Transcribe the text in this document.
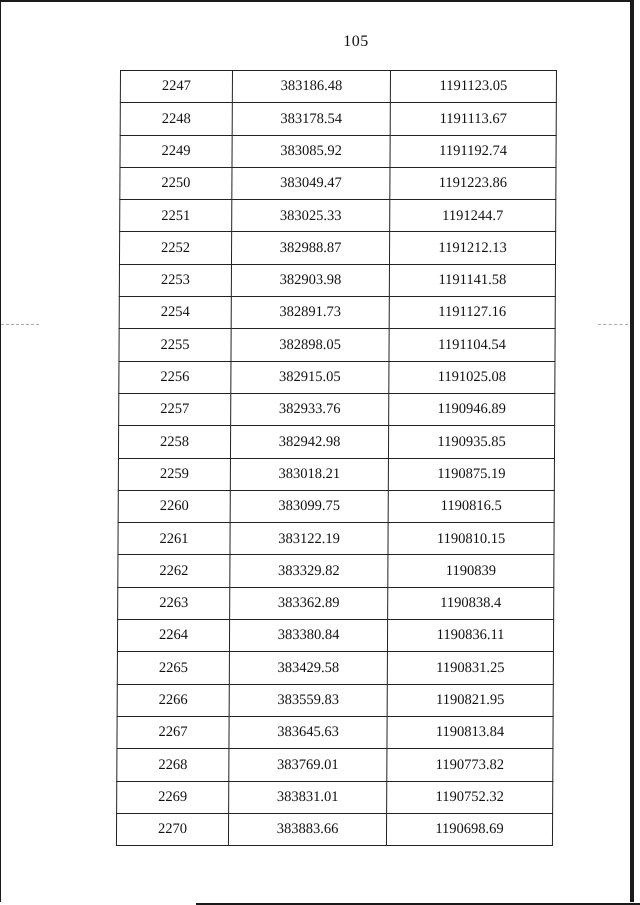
105
2247	383186.48	1191123.05
2248	383178.54	1191113.67
2249	383085.92	1191192.74
2250	383049.47	1191223.86
2251	383025.33	1191244.7
2252	382988.87	1191212.13
2253	382903.98	1191141.58
2254	382891.73	1191127.16
2255	382898.05	1191104.54
2256	382915.05	1191025.08
2257	382933.76	1190946.89
2258	382942.98	1190935.85
2259	383018.21	1190875.19
2260	383099.75	1190816.5
2261	383122.19	1190810.15
2262	383329.82	1190839
2263	383362.89	1190838.4
2264	383380.84	1190836.11
2265	383429.58	1190831.25
2266	383559.83	1190821.95
2267	383645.63	1190813.84
2268	383769.01	1190773.82
2269	383831.01	1190752.32
2270	383883.66	1190698.69
